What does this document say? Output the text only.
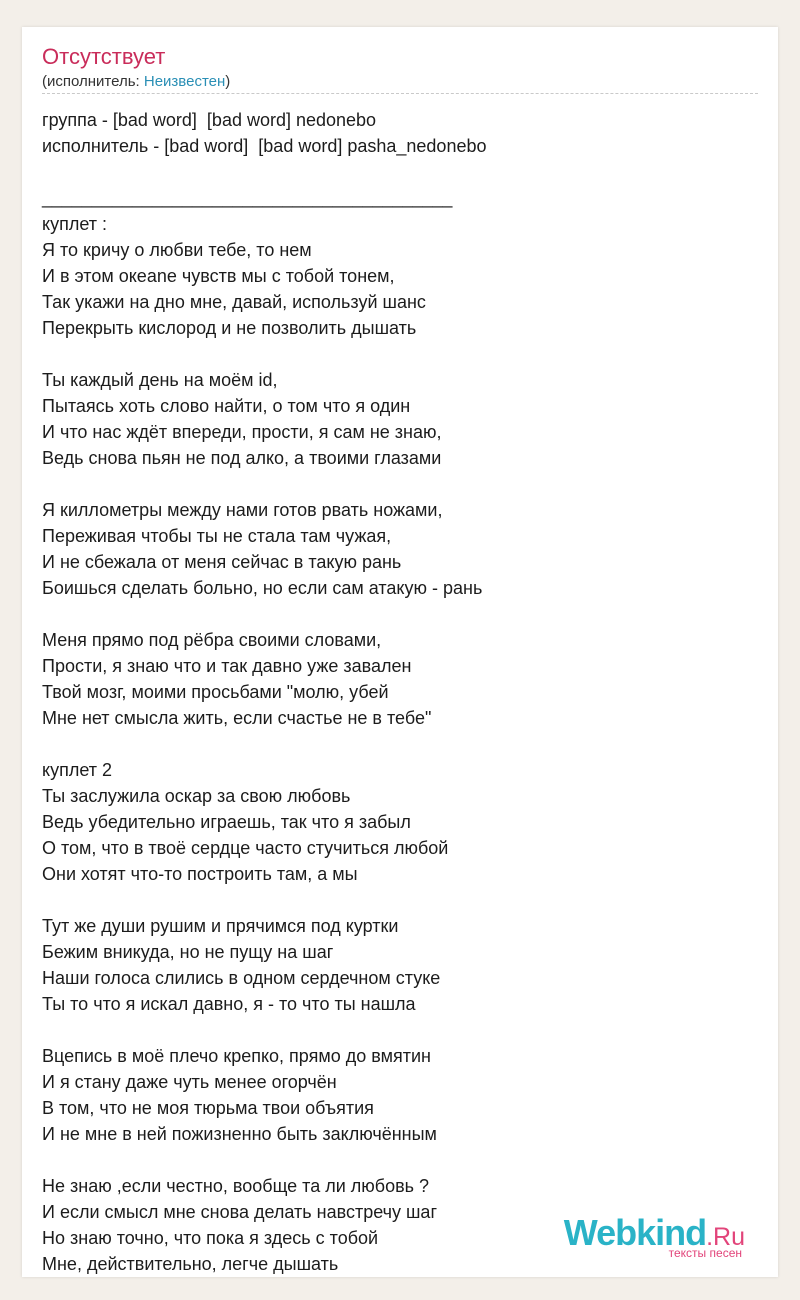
Отсутствует
(исполнитель: Неизвестен)
группа - [bad word]  [bad word] nedonebo
исполнитель - [bad word]  [bad word] pasha_nedonebo

_________________________________________
куплет :
Я то кричу о любви тебе, то нем
И в этом океane чувств мы с тобой тонем,
Так укажи на дно мне, давай, используй шанс
Перекрыть кислород и не позволить дышать

Ты каждый день на моём id,
Пытаясь хоть слово найти, о том что я один
И что нас ждёт впереди, прости, я сам не знаю,
Ведь снова пьян не под алко, а твоими глазами

Я киллометры между нами готов рвать ножами,
Переживая чтобы ты не стала там чужая,
И не сбежала от меня сейчас в такую рань
Боишься сделать больно, но если сам атакую - рань

Меня прямо под рёбра своими словами,
Прости, я знаю что и так давно уже завален
Твой мозг, моими просьбами "молю, убей
Мне нет смысла жить, если счастье не в тебе"

куплет 2
Ты заслужила оскар за свою любовь
Ведь убедительно играешь, так что я забыл
О том, что в твоё сердце часто стучиться любой
Они хотят что-то построить там, а мы

Тут же души рушим и прячимся под куртки
Бежим вникуда, но не пущу на шаг
Наши голоса слились в одном сердечном стуке
Ты то что я искал давно, я - то что ты нашла

Вцепись в моё плечо крепко, прямо до вмятин
И я стану даже чуть менее огорчён
В том, что не моя тюрьма твои объятия
И не мне в ней пожизненно быть заключённым

Не знаю ,если честно, вообще та ли любовь ?
И если смысл мне снова делать навстречу шаг
Но знаю точно, что пока я здесь с тобой
Мне, действительно, легче дышать
Webkind.Ru
тексты песен
